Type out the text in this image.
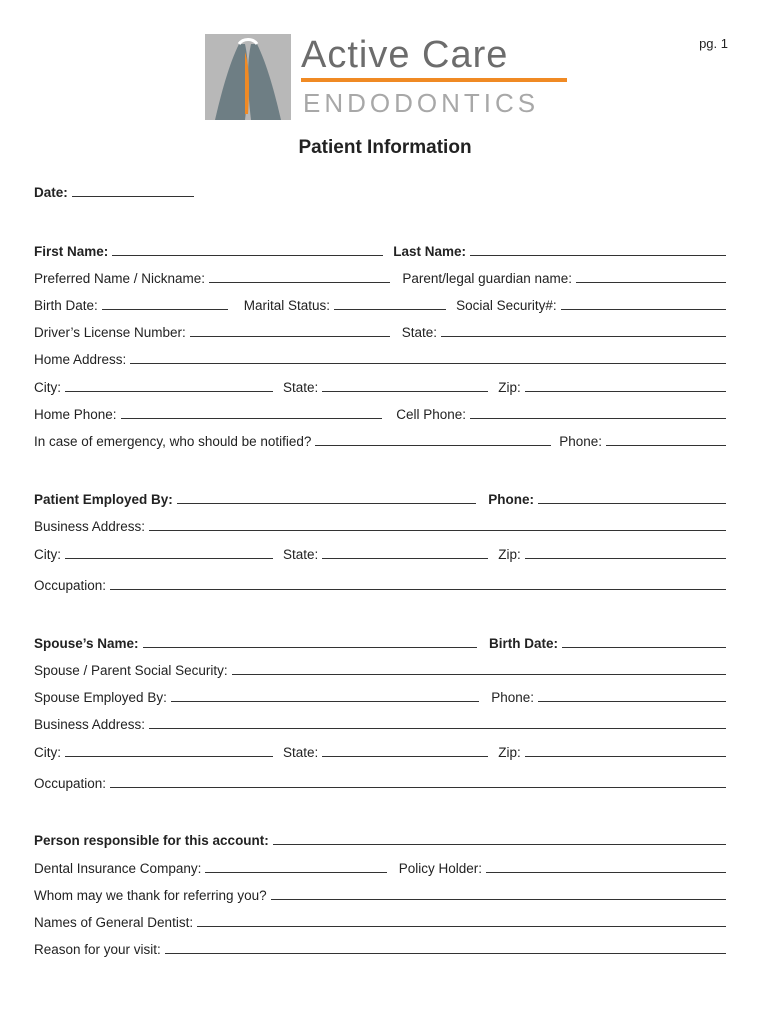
pg. 1
Active Care
ENDODONTICS
Patient Information
Date:
First Name:	Last Name:
Preferred Name / Nickname:	Parent/legal guardian name:
Birth Date:	Marital Status:	Social Security#:
Driver’s License Number:	State:
Home Address:
City:	State:	Zip:
Home Phone:	Cell Phone:
In case of emergency, who should be notified?	Phone:
Patient Employed By:	Phone:
Business Address:
City:	State:	Zip:
Occupation:
Spouse’s Name:	Birth Date:
Spouse / Parent Social Security:
Spouse Employed By:	Phone:
Business Address:
City:	State:	Zip:
Occupation:
Person responsible for this account:
Dental Insurance Company:	Policy Holder:
Whom may we thank for referring you?
Names of General Dentist:
Reason for your visit:
